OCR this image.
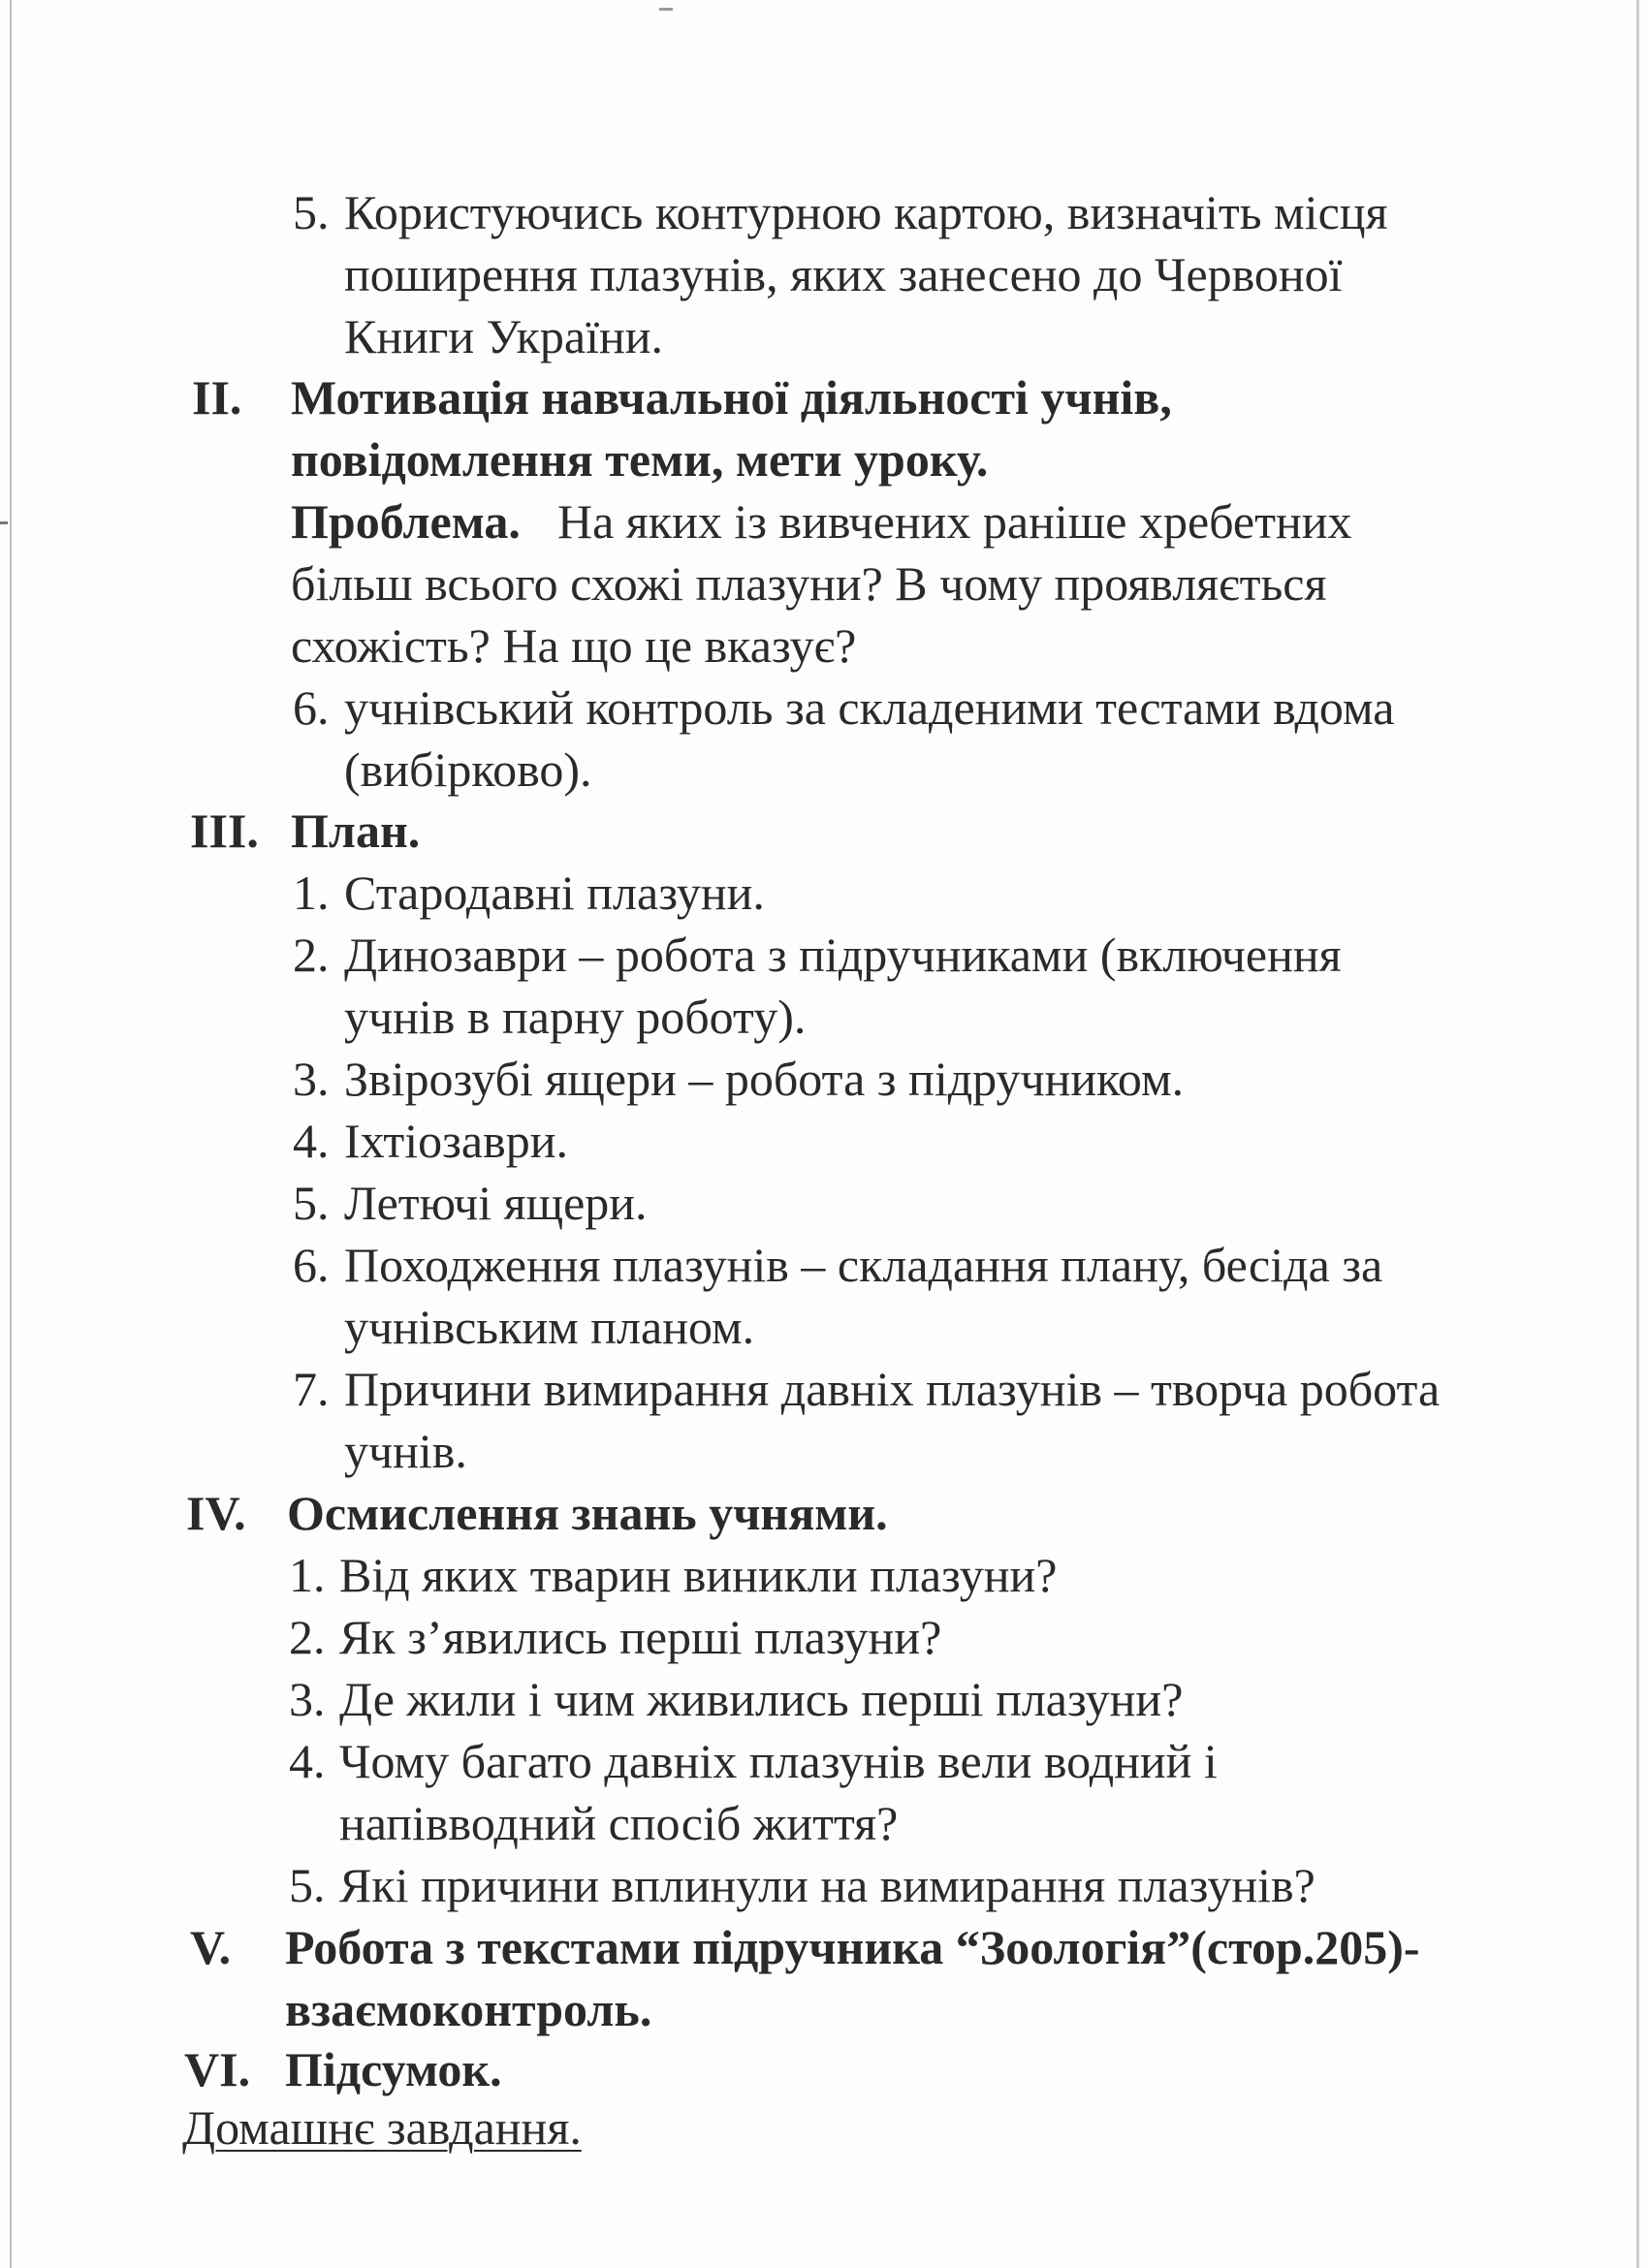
5. Користуючись контурною картою, визначіть місця
поширення плазунів, яких занесено до Червоної
Книги України.
II. Мотивація навчальної діяльності учнів,
повідомлення теми, мети уроку.
Проблема. На яких із вивчених раніше хребетних
більш всього схожі плазуни? В чому проявляється
схожість? На що це вказує?
6. учнівський контроль за складеними тестами вдома
(вибірково).
III. План.
1. Стародавні плазуни.
2. Динозаври – робота з підручниками (включення
учнів в парну роботу).
3. Звірозубі ящери – робота з підручником.
4. Іхтіозаври.
5. Летючі ящери.
6. Походження плазунів – складання плану, бесіда за
учнівським планом.
7. Причини вимирання давніх плазунів – творча робота
учнів.
IV. Осмислення знань учнями.
1. Від яких тварин виникли плазуни?
2. Як з’явились перші плазуни?
3. Де жили і чим живились перші плазуни?
4. Чому багато давніх плазунів вели водний і
напівводний спосіб життя?
5. Які причини вплинули на вимирання плазунів?
V. Робота з текстами підручника “Зоологія”(стор.205)-
взаємоконтроль.
VI. Підсумок.
Домашнє завдання.
